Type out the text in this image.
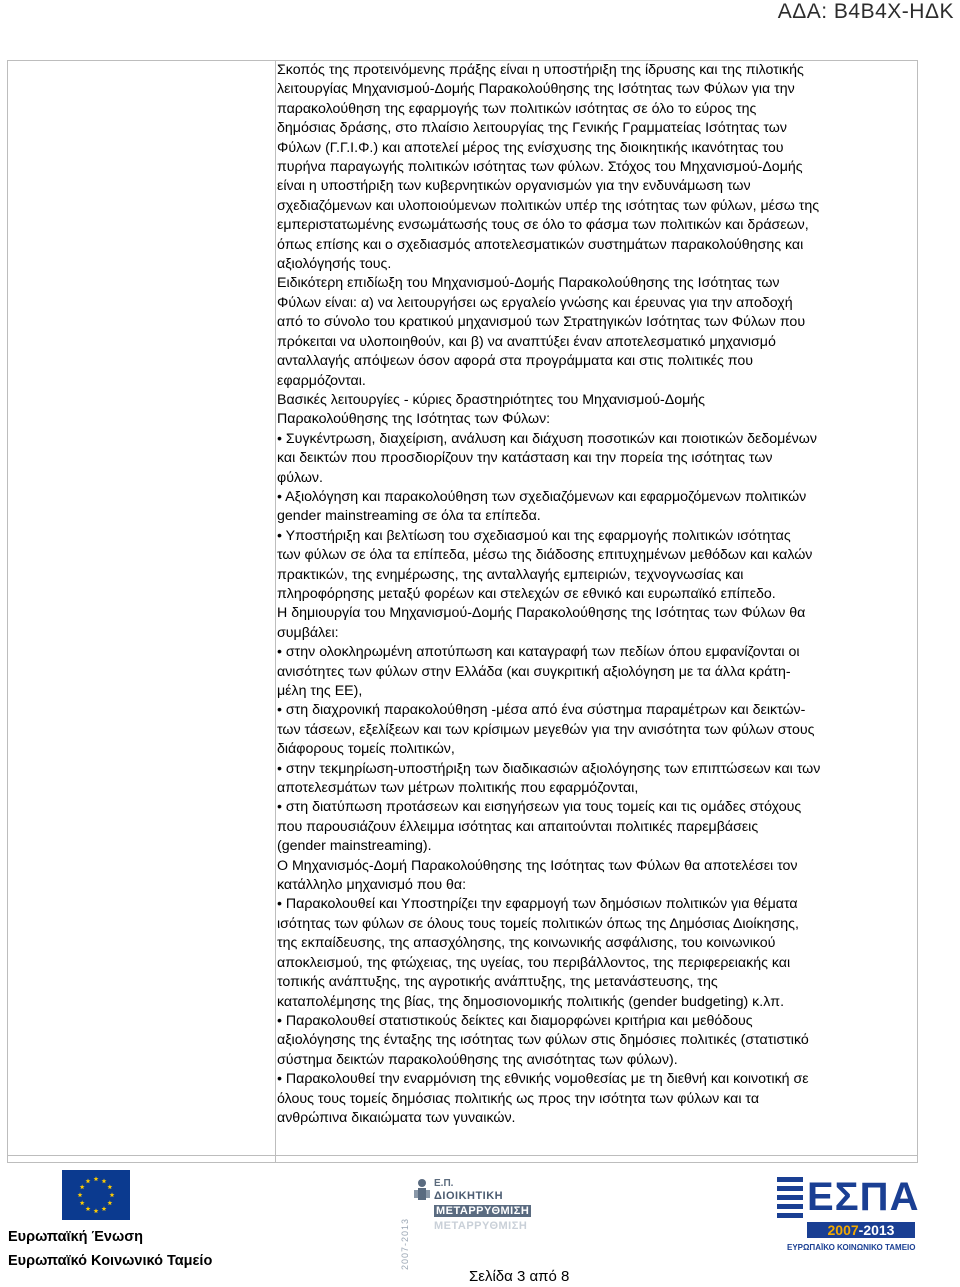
ΑΔΑ: Β4Β4Χ-ΗΔΚ
Σκοπός της προτεινόμενης πράξης είναι η υποστήριξη της ίδρυσης και της πιλοτικής
λειτουργίας Μηχανισμού-Δομής Παρακολούθησης της Ισότητας των Φύλων για την
παρακολούθηση της εφαρμογής των πολιτικών ισότητας σε όλο το εύρος της
δημόσιας δράσης, στο πλαίσιο λειτουργίας της Γενικής Γραμματείας Ισότητας των
Φύλων (Γ.Γ.Ι.Φ.) και αποτελεί μέρος της ενίσχυσης της διοικητικής ικανότητας του
πυρήνα παραγωγής πολιτικών ισότητας των φύλων. Στόχος του Μηχανισμού-Δομής
είναι η υποστήριξη των κυβερνητικών οργανισμών για την ενδυνάμωση των
σχεδιαζόμενων και υλοποιούμενων πολιτικών υπέρ της ισότητας των φύλων, μέσω της
εμπεριστατωμένης ενσωμάτωσής τους σε όλο το φάσμα των πολιτικών και δράσεων,
όπως επίσης και ο σχεδιασμός αποτελεσματικών συστημάτων παρακολούθησης και
αξιολόγησής τους.
Ειδικότερη επιδίωξη του Μηχανισμού-Δομής Παρακολούθησης της Ισότητας των
Φύλων είναι: α) να λειτουργήσει ως εργαλείο γνώσης και έρευνας για την αποδοχή
από το σύνολο του κρατικού μηχανισμού των Στρατηγικών Ισότητας των Φύλων που
πρόκειται να υλοποιηθούν, και β) να αναπτύξει έναν αποτελεσματικό μηχανισμό
ανταλλαγής απόψεων όσον αφορά στα προγράμματα και στις πολιτικές που
εφαρμόζονται.
Βασικές λειτουργίες - κύριες δραστηριότητες του Μηχανισμού-Δομής
Παρακολούθησης της Ισότητας των Φύλων:
• Συγκέντρωση, διαχείριση, ανάλυση και διάχυση ποσοτικών και ποιοτικών δεδομένων
και δεικτών που προσδιορίζουν την κατάσταση και την πορεία της ισότητας των
φύλων.
• Αξιολόγηση και παρακολούθηση των σχεδιαζόμενων και εφαρμοζόμενων πολιτικών
gender mainstreaming σε όλα τα επίπεδα.
• Υποστήριξη και βελτίωση του σχεδιασμού και της εφαρμογής πολιτικών ισότητας
των φύλων σε όλα τα επίπεδα, μέσω της διάδοσης επιτυχημένων μεθόδων και καλών
πρακτικών, της ενημέρωσης, της ανταλλαγής εμπειριών, τεχνογνωσίας και
πληροφόρησης μεταξύ φορέων και στελεχών σε εθνικό και ευρωπαϊκό επίπεδο.
Η δημιουργία του Μηχανισμού-Δομής Παρακολούθησης της Ισότητας των Φύλων θα
συμβάλει:
• στην ολοκληρωμένη αποτύπωση και καταγραφή των πεδίων όπου εμφανίζονται οι
ανισότητες των φύλων στην Ελλάδα (και συγκριτική αξιολόγηση με τα άλλα κράτη-
μέλη της ΕΕ),
• στη διαχρονική παρακολούθηση -μέσα από ένα σύστημα παραμέτρων και δεικτών-
των τάσεων, εξελίξεων και των κρίσιμων μεγεθών για την ανισότητα των φύλων στους
διάφορους τομείς πολιτικών,
• στην τεκμηρίωση-υποστήριξη των διαδικασιών αξιολόγησης των επιπτώσεων και των
αποτελεσμάτων των μέτρων πολιτικής που εφαρμόζονται,
• στη διατύπωση προτάσεων και εισηγήσεων για τους τομείς και τις ομάδες στόχους
που παρουσιάζουν έλλειμμα ισότητας και απαιτούνται πολιτικές παρεμβάσεις
(gender mainstreaming).
Ο Μηχανισμός-Δομή Παρακολούθησης της Ισότητας των Φύλων θα αποτελέσει τον
κατάλληλο μηχανισμό που θα:
• Παρακολουθεί και Υποστηρίζει την εφαρμογή των δημόσιων πολιτικών για θέματα
ισότητας των φύλων σε όλους τους τομείς πολιτικών όπως της Δημόσιας Διοίκησης,
της εκπαίδευσης, της απασχόλησης, της κοινωνικής ασφάλισης, του κοινωνικού
αποκλεισμού, της φτώχειας, της υγείας, του περιβάλλοντος, της περιφερειακής και
τοπικής ανάπτυξης, της αγροτικής ανάπτυξης, της μετανάστευσης, της
καταπολέμησης της βίας, της δημοσιονομικής πολιτικής (gender budgeting) κ.λπ.
• Παρακολουθεί στατιστικούς δείκτες και διαμορφώνει κριτήρια και μεθόδους
αξιολόγησης της ένταξης της ισότητας των φύλων στις δημόσιες πολιτικές (στατιστικό
σύστημα δεικτών παρακολούθησης της ανισότητας των φύλων).
• Παρακολουθεί την εναρμόνιση της εθνικής νομοθεσίας με τη διεθνή και κοινοτική σε
όλους τους τομείς δημόσιας πολιτικής ως προς την ισότητα των φύλων και τα
ανθρώπινα δικαιώματα των γυναικών.
Ευρωπαϊκή Ένωση
Ευρωπαϊκό Κοινωνικό Ταμείο	2007-2013
Ε.Π.
ΔΙΟΙΚΗΤΙΚΗ
ΜΕΤΑΡΡΥΘΜΙΣΗ
ΜΕΤΑΡΡΥΘΜΙΣΗ
ΕΣΠΑ
2007-2013
ΕΥΡΩΠΑΪΚΟ ΚΟΙΝΩΝΙΚΟ ΤΑΜΕΙΟ
Σελίδα 3 από 8
